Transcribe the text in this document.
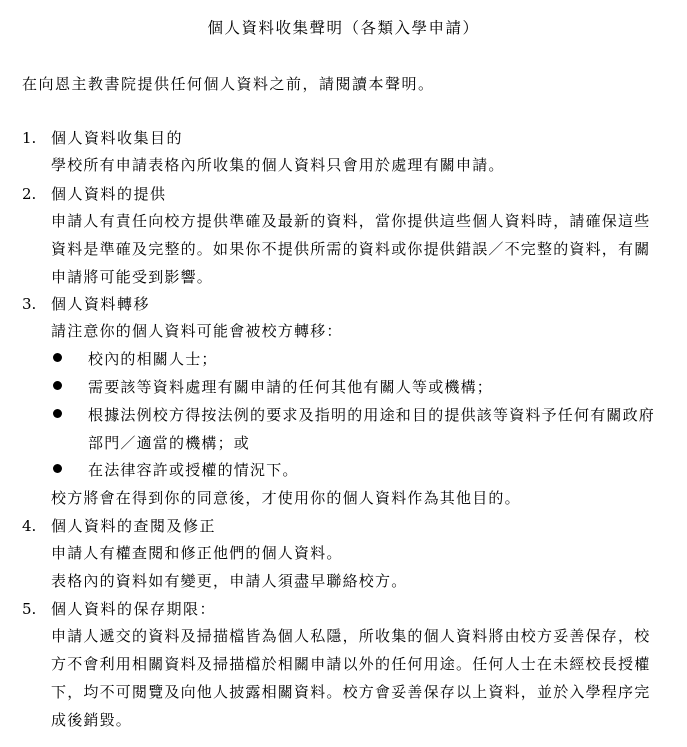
個人資料收集聲明（各類入學申請）
在向恩主教書院提供任何個人資料之前，請閱讀本聲明。
1. 個人資料收集目的
學校所有申請表格內所收集的個人資料只會用於處理有關申請。
2. 個人資料的提供
申請人有責任向校方提供準確及最新的資料，當你提供這些個人資料時，請確保這些資料是準確及完整的。如果你不提供所需的資料或你提供錯誤／不完整的資料，有關申請將可能受到影響。
3. 個人資料轉移
請注意你的個人資料可能會被校方轉移：
校內的相關人士；
需要該等資料處理有關申請的任何其他有關人等或機構；
根據法例校方得按法例的要求及指明的用途和目的提供該等資料予任何有關政府部門／適當的機構；或
在法律容許或授權的情況下。
校方將會在得到你的同意後，才使用你的個人資料作為其他目的。
4. 個人資料的查閱及修正
申請人有權查閱和修正他們的個人資料。
表格內的資料如有變更，申請人須盡早聯絡校方。
5. 個人資料的保存期限：
申請人遞交的資料及掃描檔皆為個人私隱，所收集的個人資料將由校方妥善保存，校方不會利用相關資料及掃描檔於相關申請以外的任何用途。任何人士在未經校長授權下，均不可閱覽及向他人披露相關資料。校方會妥善保存以上資料，並於入學程序完成後銷毀。
